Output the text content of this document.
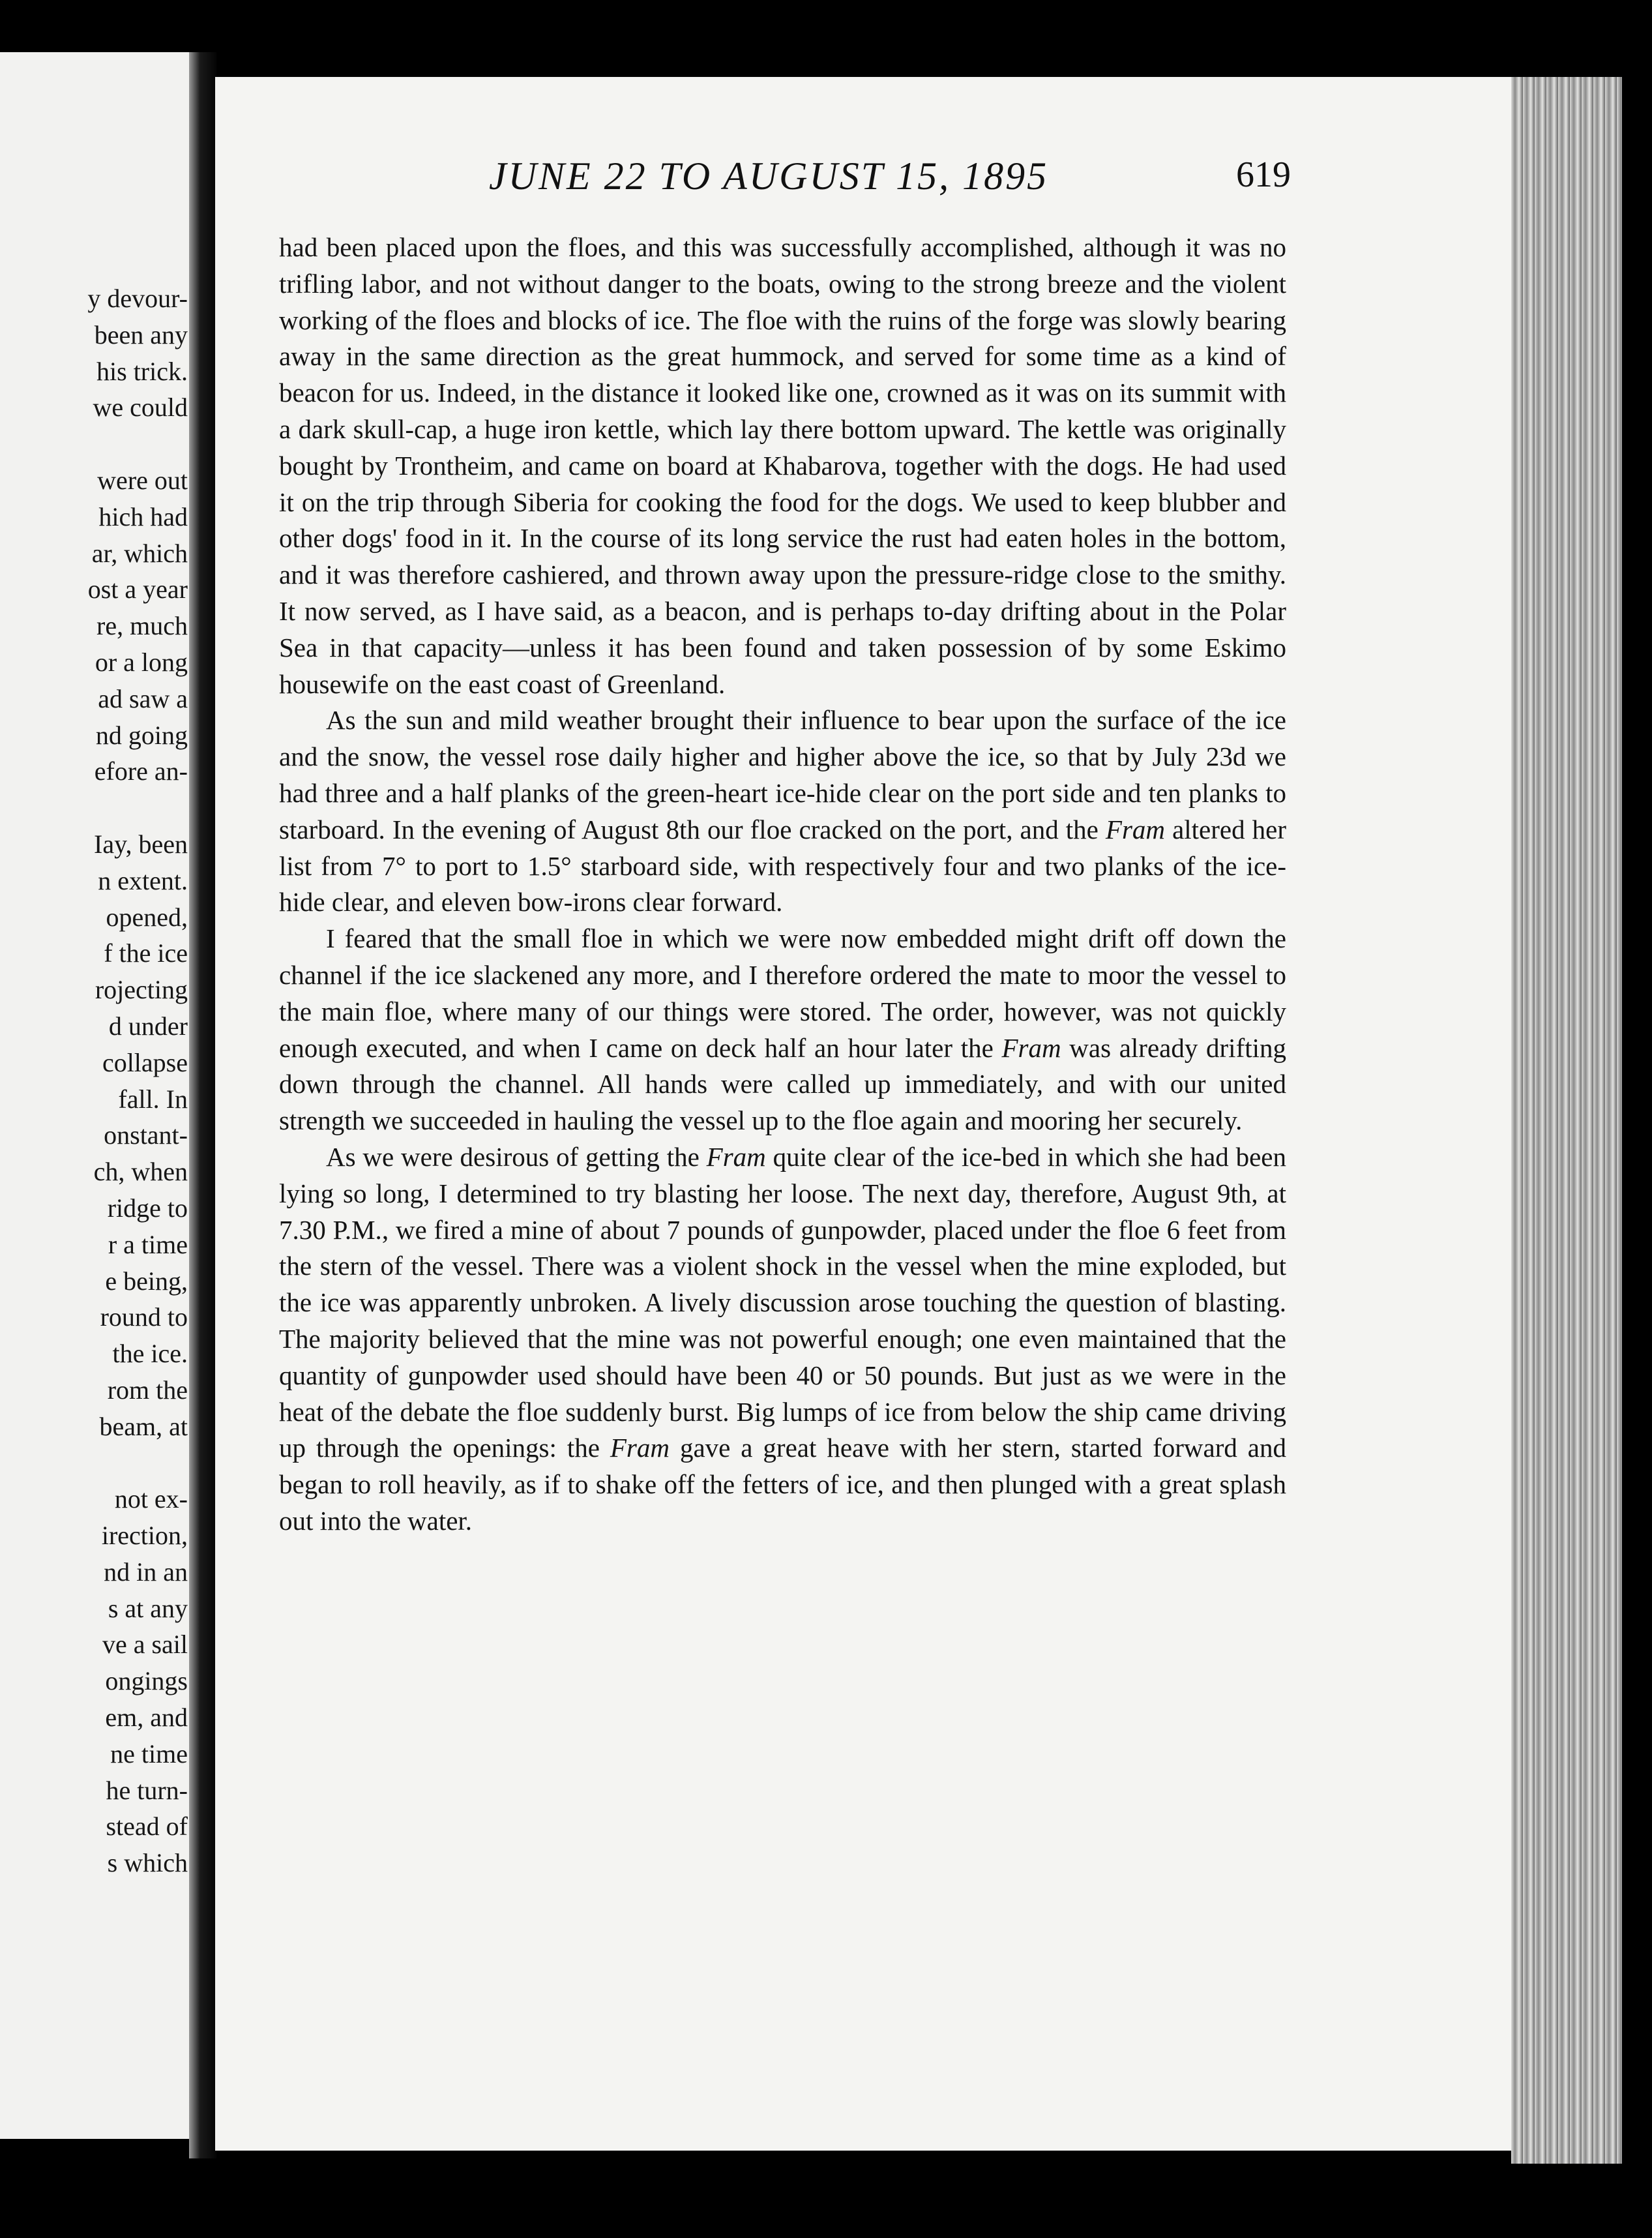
y devour-
been any
his trick.
we could
were out
hich had
ar, which
ost a year
re, much
or a long
ad saw a
nd going
efore an-
Iay, been
n extent.
opened,
f the ice
rojecting
d under
collapse
fall. In
onstant-
ch, when
ridge to
r a time
e being,
round to
the ice.
rom the
beam, at
not ex-
irection,
nd in an
s at any
ve a sail
ongings
em, and
ne time
he turn-
stead of
s which
JUNE 22 TO AUGUST 15, 1895	619

had been placed upon the floes, and this was successfully accomplished, although it was no trifling labor, and not without danger to the boats, owing to the strong breeze and the violent working of the floes and blocks of ice. The floe with the ruins of the forge was slowly bearing away in the same direction as the great hummock, and served for some time as a kind of beacon for us. Indeed, in the distance it looked like one, crowned as it was on its summit with a dark skull-cap, a huge iron kettle, which lay there bottom upward. The kettle was originally bought by Trontheim, and came on board at Khabarova, together with the dogs. He had used it on the trip through Siberia for cooking the food for the dogs. We used to keep blubber and other dogs' food in it. In the course of its long service the rust had eaten holes in the bottom, and it was therefore cashiered, and thrown away upon the pressure-ridge close to the smithy. It now served, as I have said, as a beacon, and is perhaps to-day drifting about in the Polar Sea in that capacity—unless it has been found and taken possession of by some Eskimo housewife on the east coast of Greenland.

As the sun and mild weather brought their influence to bear upon the surface of the ice and the snow, the vessel rose daily higher and higher above the ice, so that by July 23d we had three and a half planks of the green-heart ice-hide clear on the port side and ten planks to starboard. In the evening of August 8th our floe cracked on the port, and the Fram altered her list from 7° to port to 1.5° starboard side, with respectively four and two planks of the ice-hide clear, and eleven bow-irons clear forward.

I feared that the small floe in which we were now embedded might drift off down the channel if the ice slackened any more, and I therefore ordered the mate to moor the vessel to the main floe, where many of our things were stored. The order, however, was not quickly enough executed, and when I came on deck half an hour later the Fram was already drifting down through the channel. All hands were called up immediately, and with our united strength we succeeded in hauling the vessel up to the floe again and mooring her securely.

As we were desirous of getting the Fram quite clear of the ice-bed in which she had been lying so long, I determined to try blasting her loose. The next day, therefore, August 9th, at 7.30 P.M., we fired a mine of about 7 pounds of gunpowder, placed under the floe 6 feet from the stern of the vessel. There was a violent shock in the vessel when the mine exploded, but the ice was apparently unbroken. A lively discussion arose touching the question of blasting. The majority believed that the mine was not powerful enough; one even maintained that the quantity of gunpowder used should have been 40 or 50 pounds. But just as we were in the heat of the debate the floe suddenly burst. Big lumps of ice from below the ship came driving up through the openings: the Fram gave a great heave with her stern, started forward and began to roll heavily, as if to shake off the fetters of ice, and then plunged with a great splash out into the water.
